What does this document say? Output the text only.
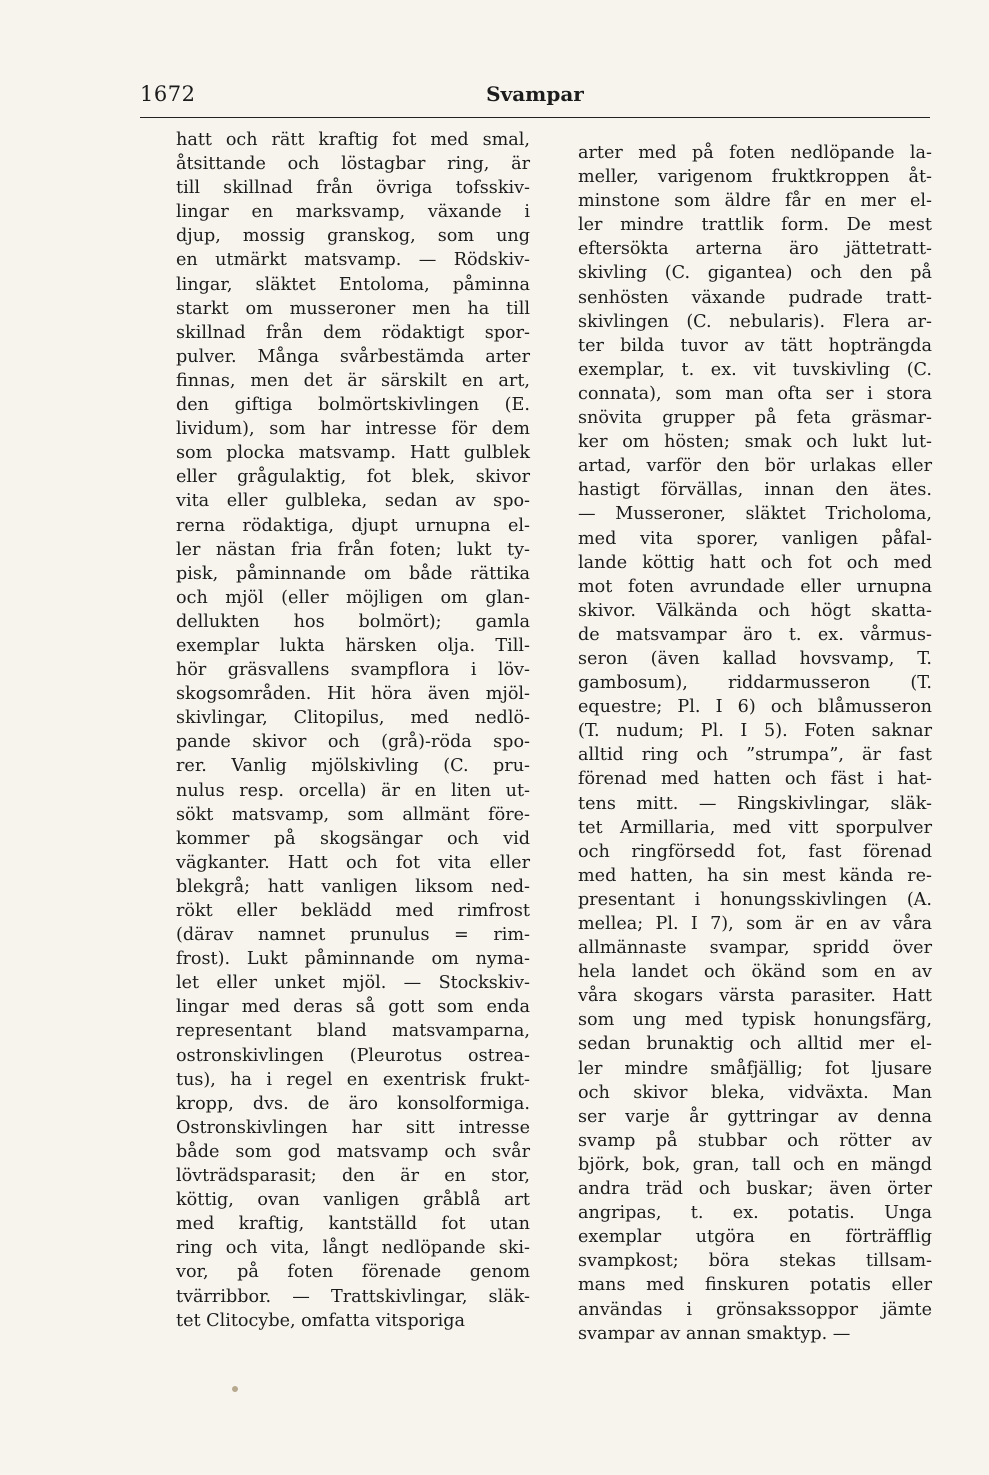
1672	Svampar
hatt och rätt kraftig fot med smal,
åtsittande och löstagbar ring, är
till skillnad från övriga tofsskiv-
lingar en marksvamp, växande i
djup, mossig granskog, som ung
en utmärkt matsvamp. — Rödskiv-
lingar, släktet Entoloma, påminna
starkt om musseroner men ha till
skillnad från dem rödaktigt spor-
pulver. Många svårbestämda arter
finnas, men det är särskilt en art,
den giftiga bolmörtskivlingen (E.
lividum), som har intresse för dem
som plocka matsvamp. Hatt gulblek
eller grågulaktig, fot blek, skivor
vita eller gulbleka, sedan av spo-
rerna rödaktiga, djupt urnupna el-
ler nästan fria från foten; lukt ty-
pisk, påminnande om både rättika
och mjöl (eller möjligen om glan-
dellukten hos bolmört); gamla
exemplar lukta härsken olja. Till-
hör gräsvallens svampflora i löv-
skogsområden. Hit höra även mjöl-
skivlingar, Clitopilus, med nedlö-
pande skivor och (grå)-röda spo-
rer. Vanlig mjölskivling (C. pru-
nulus resp. orcella) är en liten ut-
sökt matsvamp, som allmänt före-
kommer på skogsängar och vid
vägkanter. Hatt och fot vita eller
blekgrå; hatt vanligen liksom ned-
rökt eller beklädd med rimfrost
(därav namnet prunulus = rim-
frost). Lukt påminnande om nyma-
let eller unket mjöl. — Stockskiv-
lingar med deras så gott som enda
representant bland matsvamparna,
ostronskivlingen (Pleurotus ostrea-
tus), ha i regel en exentrisk frukt-
kropp, dvs. de äro konsolformiga.
Ostronskivlingen har sitt intresse
både som god matsvamp och svår
lövträdsparasit; den är en stor,
köttig, ovan vanligen gråblå art
med kraftig, kantställd fot utan
ring och vita, långt nedlöpande ski-
vor, på foten förenade genom
tvärribbor. — Trattskivlingar, släk-
tet Clitocybe, omfatta vitsporiga
arter med på foten nedlöpande la-
meller, varigenom fruktkroppen åt-
minstone som äldre får en mer el-
ler mindre trattlik form. De mest
eftersökta arterna äro jättetratt-
skivling (C. gigantea) och den på
senhösten växande pudrade tratt-
skivlingen (C. nebularis). Flera ar-
ter bilda tuvor av tätt hopträngda
exemplar, t. ex. vit tuvskivling (C.
connata), som man ofta ser i stora
snövita grupper på feta gräsmar-
ker om hösten; smak och lukt lut-
artad, varför den bör urlakas eller
hastigt förvällas, innan den ätes.
— Musseroner, släktet Tricholoma,
med vita sporer, vanligen påfal-
lande köttig hatt och fot och med
mot foten avrundade eller urnupna
skivor. Välkända och högt skatta-
de matsvampar äro t. ex. vårmus-
seron (även kallad hovsvamp, T.
gambosum), riddarmusseron (T.
equestre; Pl. I 6) och blåmusseron
(T. nudum; Pl. I 5). Foten saknar
alltid ring och ”strumpa”, är fast
förenad med hatten och fäst i hat-
tens mitt. — Ringskivlingar, släk-
tet Armillaria, med vitt sporpulver
och ringförsedd fot, fast förenad
med hatten, ha sin mest kända re-
presentant i honungsskivlingen (A.
mellea; Pl. I 7), som är en av våra
allmännaste svampar, spridd över
hela landet och ökänd som en av
våra skogars värsta parasiter. Hatt
som ung med typisk honungsfärg,
sedan brunaktig och alltid mer el-
ler mindre småfjällig; fot ljusare
och skivor bleka, vidväxta. Man
ser varje år gyttringar av denna
svamp på stubbar och rötter av
björk, bok, gran, tall och en mängd
andra träd och buskar; även örter
angripas, t. ex. potatis. Unga
exemplar utgöra en förträfflig
svampkost; böra stekas tillsam-
mans med finskuren potatis eller
användas i grönsakssoppor jämte
svampar av annan smaktyp. —
